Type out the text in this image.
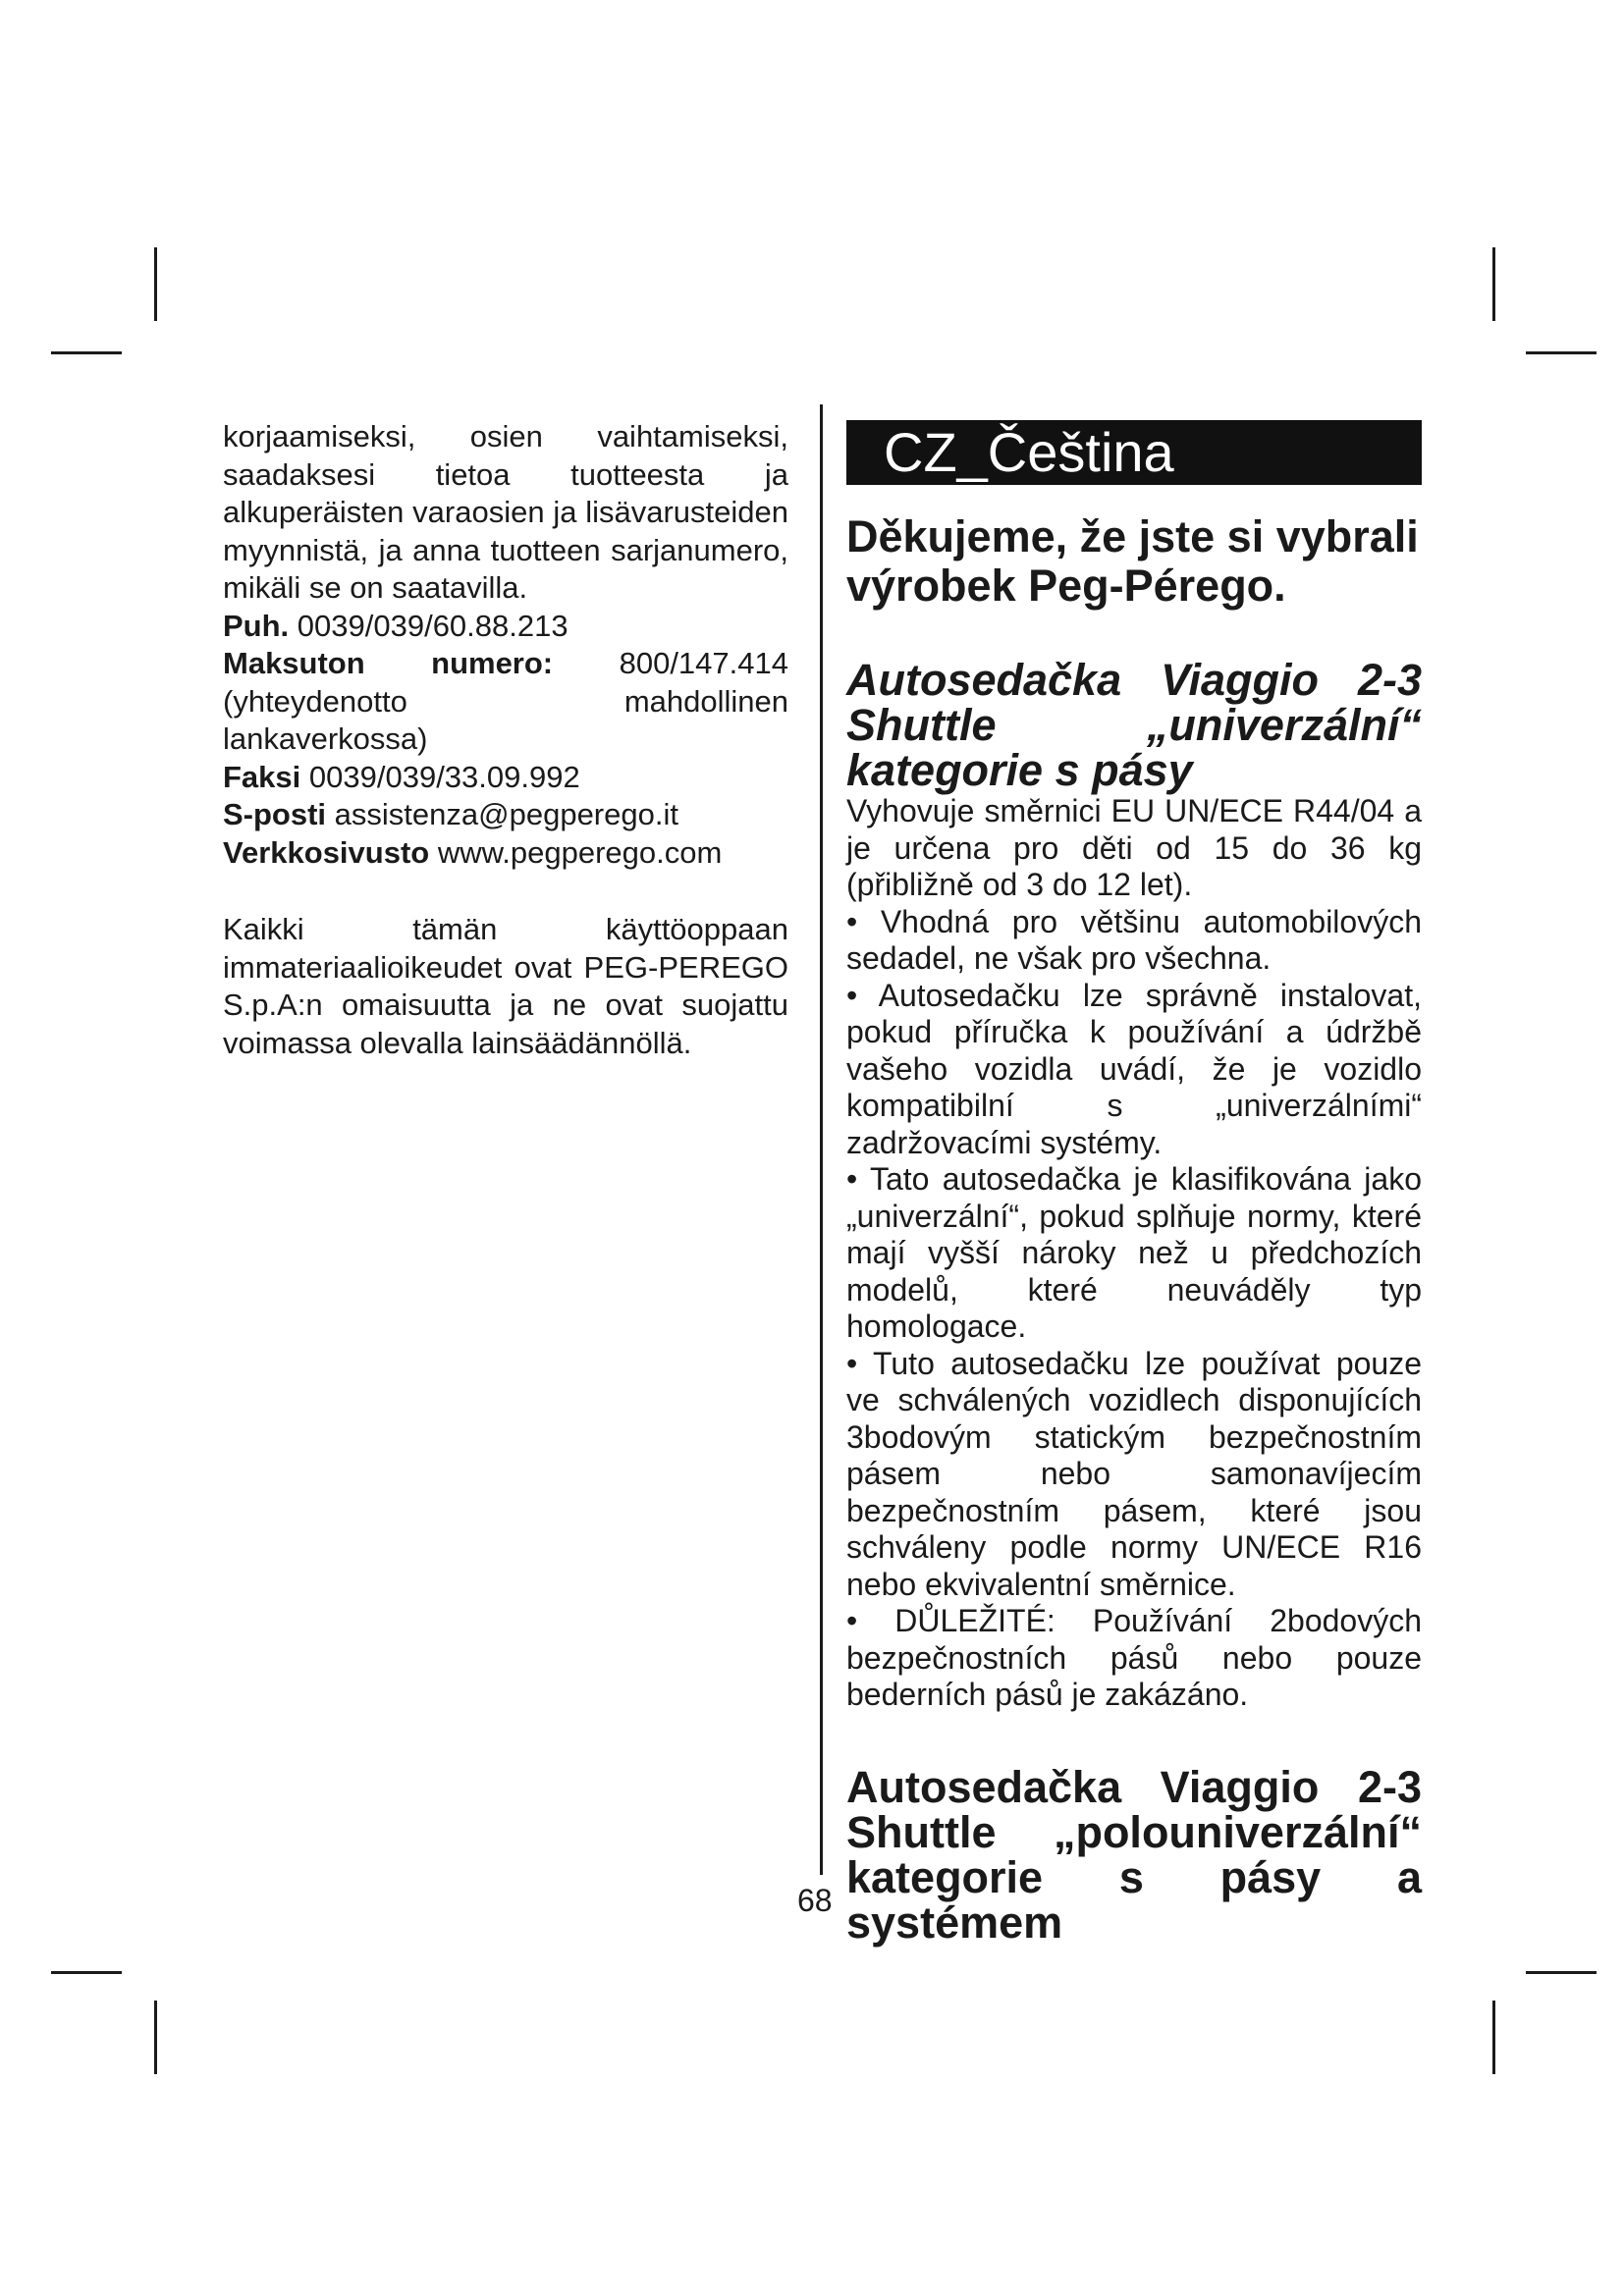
korjaamiseksi, osien vaihtamiseksi, saadaksesi tietoa tuotteesta ja alkuperäisten varaosien ja lisävarusteiden myynnistä, ja anna tuotteen sarjanumero, mikäli se on saatavilla.

Puh. 0039/039/60.88.213

Maksuton numero: 800/147.414 (yhteydenotto mahdollinen lankaverkossa)

Faksi 0039/039/33.09.992

S-posti assistenza@pegperego.it

Verkkosivusto www.pegperego.com

Kaikki tämän käyttöoppaan immateriaalioikeudet ovat PEG-PEREGO S.p.A:n omaisuutta ja ne ovat suojattu voimassa olevalla lainsäädännöllä.

CZ_Čeština
Děkujeme, že jste si vybrali výrobek Peg-Pérego.
Autosedačka Viaggio 2-3 Shuttle „univerzální“ kategorie s pásy

Vyhovuje směrnici EU UN/ECE R44/04 a je určena pro děti od 15 do 36 kg (přibližně od 3 do 12 let).

• Vhodná pro většinu automobilových sedadel, ne však pro všechna.

• Autosedačku lze správně instalovat, pokud příručka k používání a údržbě vašeho vozidla uvádí, že je vozidlo kompatibilní s „univerzálními“ zadržovacími systémy.

• Tato autosedačka je klasifikována jako „univerzální“, pokud splňuje normy, které mají vyšší nároky než u předchozích modelů, které neuváděly typ homologace.

• Tuto autosedačku lze používat pouze ve schválených vozidlech disponujících 3bodovým statickým bezpečnostním pásem nebo samonavíjecím bezpečnostním pásem, které jsou schváleny podle normy UN/ECE R16 nebo ekvivalentní směrnice.

• DŮLEŽITÉ: Používání 2bodových bezpečnostních pásů nebo pouze bederních pásů je zakázáno.

Autosedačka Viaggio 2-3 Shuttle „polouniverzální“ kategorie s pásy a systémem
68
